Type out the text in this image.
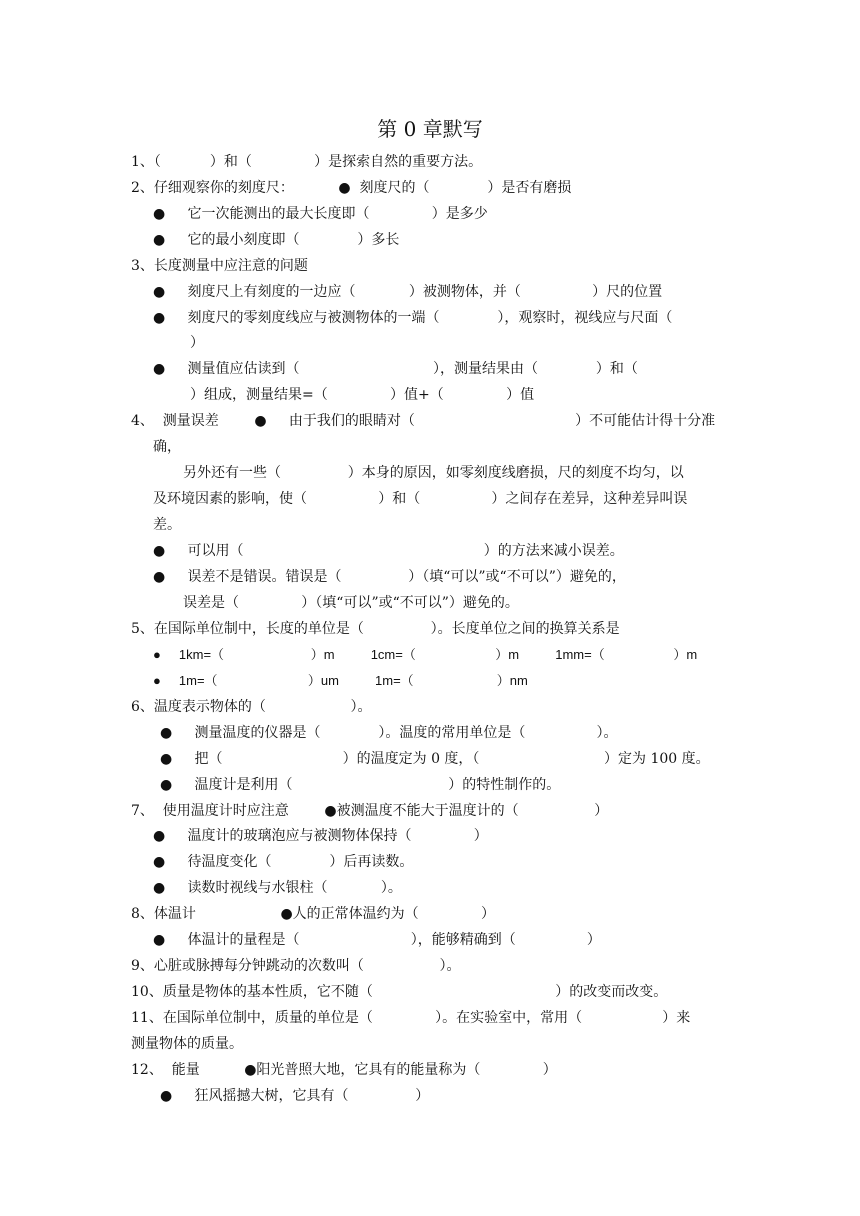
第 0 章默写
1、（           ）和（              ）是探索自然的重要方法。
2、仔细观察你的刻度尺：          ●  刻度尺的（             ）是否有磨损
●     它一次能测出的最大长度即（              ）是多少
●     它的最小刻度即（             ）多长
3、长度测量中应注意的问题
●     刻度尺上有刻度的一边应（            ）被测物体，并（                ）尺的位置
●     刻度尺的零刻度线应与被测物体的一端（             ），观察时，视线应与尺面（
）
●     测量值应估读到（                              ），测量结果由（             ）和（
）组成，测量结果=（              ）值+（              ）值
4、  测量误差        ●     由于我们的眼睛对（                                    ）不可能估计得十分准
确，
另外还有一些（               ）本身的原因，如零刻度线磨损，尺的刻度不均匀，以
及环境因素的影响，使（                ）和（                ）之间存在差异，这种差异叫误
差。
●     可以用（                                                      ）的方法来减小误差。
●     误差不是错误。错误是（               ）（填“可以”或“不可以”）避免的，
误差是（              ）（填“可以”或“不可以”）避免的。
5、在国际单位制中，长度的单位是（               ）。长度单位之间的换算关系是
●     1km=（                        ）m          1cm=（                      ）m          1mm=（                   ）m
●     1m=（                         ）um          1m=（                       ）nm
6、温度表示物体的（                   ）。
●     测量温度的仪器是（             ）。温度的常用单位是（                ）。
●     把（                           ）的温度定为 0 度，（                            ）定为 100 度。
●     温度计是利用（                                   ）的特性制作的。
7、  使用温度计时应注意        ●被测温度不能大于温度计的（                 ）
●     温度计的玻璃泡应与被测物体保持（              ）
●     待温度变化（             ）后再读数。
●     读数时视线与水银柱（            ）。
8、体温计                   ●人的正常体温约为（              ）
●     体温计的量程是（                         ），能够精确到（                ）
9、心脏或脉搏每分钟跳动的次数叫（                 ）。
10、质量是物体的基本性质，它不随（                                         ）的改变而改变。
11、在国际单位制中，质量的单位是（              ）。在实验室中，常用（                  ）来
测量物体的质量。
12、  能量          ●阳光普照大地，它具有的能量称为（              ）
●     狂风摇撼大树，它具有（               ）
